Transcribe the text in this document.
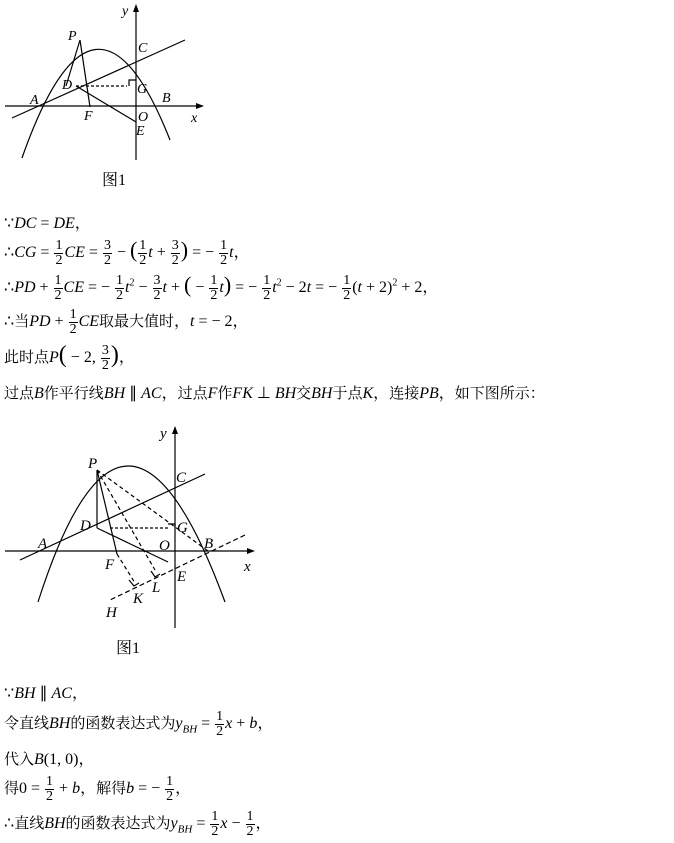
y
x
P
C
D	G
A	B
F	O
E
图1
∵DC = DE，
∴CG = $\frac{1}{2}$ CE = $\frac{3}{2}$ − ( $\frac{1}{2}$ $t + \frac{3}{2}$ ) = − $\frac{1}{2}$ t，
∴PD + $\frac{1}{2}$ CE = − $\frac{1}{2} t^2 - \frac{3}{2}$ t + ( − $\frac{1}{2} t$) = − $\frac{1}{2} t^2 - 2t$ = − $\frac{1}{2} (t + 2)^2 + 2$，
∴当PD + $\frac{1}{2}$ CE取最大值时，t = − 2，
此时点P( − 2, $\frac{3}{2}$ )，
过点B作平行线BH ∥ AC，过点F作FK ⊥ BH交BH于点K，连接PB，如下图所示：
y
x
P
C
D	G
A	B
F
O
E
K
L
H
图1
∵BH ∥ AC，
令直线BH的函数表达式为$y_{BH} = \frac{1}{2}$ x + b，
代入B(1, 0)，
得$0 = \frac{1}{2} + b$，解得b = − $\frac{1}{2}$ ，
∴直线BH的函数表达式为$y_{BH} = \frac{1}{2}$ $x - \frac{1}{2}$ ，
